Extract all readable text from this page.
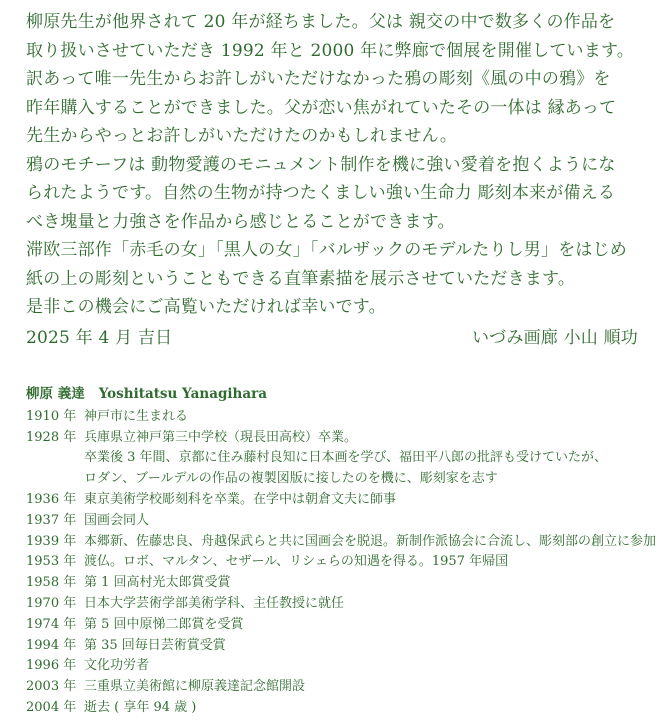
柳原先生が他界されて 20 年が経ちました。父は 親交の中で数多くの作品を

取り扱いさせていただき 1992 年と 2000 年に弊廊で個展を開催しています。

訳あって唯一先生からお許しがいただけなかった鴉の彫刻《風の中の鴉》を

昨年購入することができました。父が恋い焦がれていたその一体は 縁あって

先生からやっとお許しがいただけたのかもしれません。

鴉のモチーフは 動物愛護のモニュメント制作を機に強い愛着を抱くようにな

られたようです。自然の生物が持つたくましい強い生命力 彫刻本来が備える

べき塊量と力強さを作品から感じとることができます。

滞欧三部作「赤毛の女」「黒人の女」「バルザックのモデルたりし男」をはじめ

紙の上の彫刻ということもできる直筆素描を展示させていただきます。

是非この機会にご高覧いただければ幸いです。

2025 年 4 月 吉日	いづみ画廊 小山 順功
柳原 義達 Yoshitatsu Yanagihara
1910 年 神戸市に生まれる
1928 年 兵庫県立神戸第三中学校（現長田高校）卒業。
卒業後 3 年間、京都に住み藤村良知に日本画を学び、福田平八郎の批評も受けていたが、
ロダン、ブールデルの作品の複製図版に接したのを機に、彫刻家を志す
1936 年 東京美術学校彫刻科を卒業。在学中は朝倉文夫に師事
1937 年 国画会同人
1939 年 本郷新、佐藤忠良、舟越保武らと共に国画会を脱退。新制作派協会に合流し、彫刻部の創立に参加
1953 年 渡仏。ロボ、マルタン、セザール、リシェらの知遇を得る。1957 年帰国
1958 年 第 1 回高村光太郎賞受賞
1970 年 日本大学芸術学部美術学科、主任教授に就任
1974 年 第 5 回中原悌二郎賞を受賞
1994 年 第 35 回毎日芸術賞受賞
1996 年 文化功労者
2003 年 三重県立美術館に柳原義達記念館開設
2004 年 逝去 ( 享年 94 歳 )
